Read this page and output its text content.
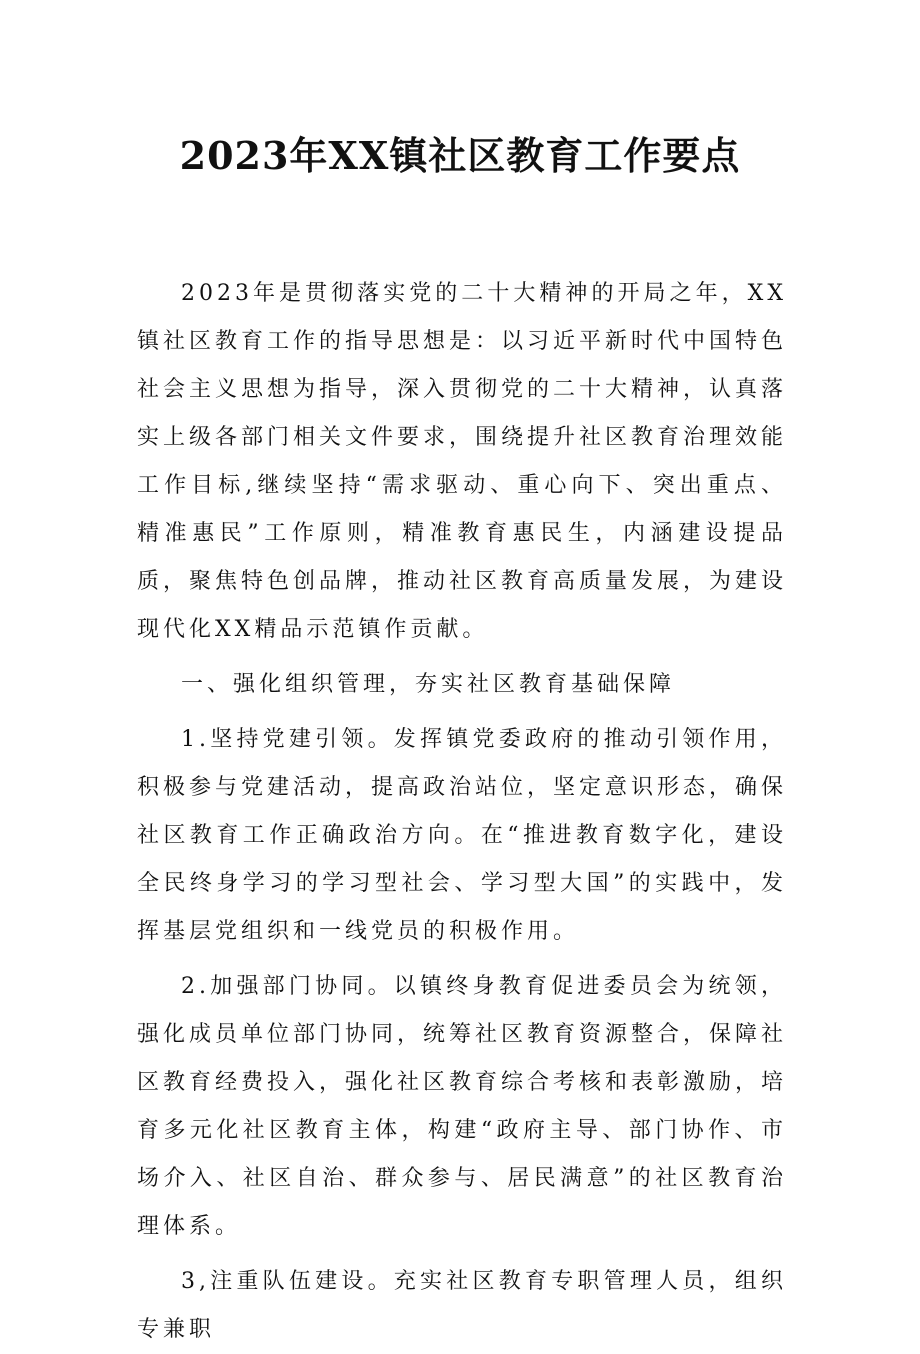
2023年XX镇社区教育工作要点

2023年是贯彻落实党的二十大精神的开局之年，XX镇社区教育工作的指导思想是：以习近平新时代中国特色社会主义思想为指导，深入贯彻党的二十大精神，认真落实上级各部门相关文件要求，围绕提升社区教育治理效能工作目标,继续坚持“需求驱动、重心向下、突出重点、精准惠民”工作原则，精准教育惠民生，内涵建设提品质，聚焦特色创品牌，推动社区教育高质量发展，为建设现代化XX精品示范镇作贡献。

一、强化组织管理，夯实社区教育基础保障

1.坚持党建引领。发挥镇党委政府的推动引领作用，积极参与党建活动，提高政治站位，坚定意识形态，确保社区教育工作正确政治方向。在“推进教育数字化，建设全民终身学习的学习型社会、学习型大国”的实践中，发挥基层党组织和一线党员的积极作用。

2.加强部门协同。以镇终身教育促进委员会为统领，强化成员单位部门协同，统筹社区教育资源整合，保障社区教育经费投入，强化社区教育综合考核和表彰激励，培育多元化社区教育主体，构建“政府主导、部门协作、市场介入、社区自治、群众参与、居民满意”的社区教育治理体系。

3,注重队伍建设。充实社区教育专职管理人员，组织专兼职
